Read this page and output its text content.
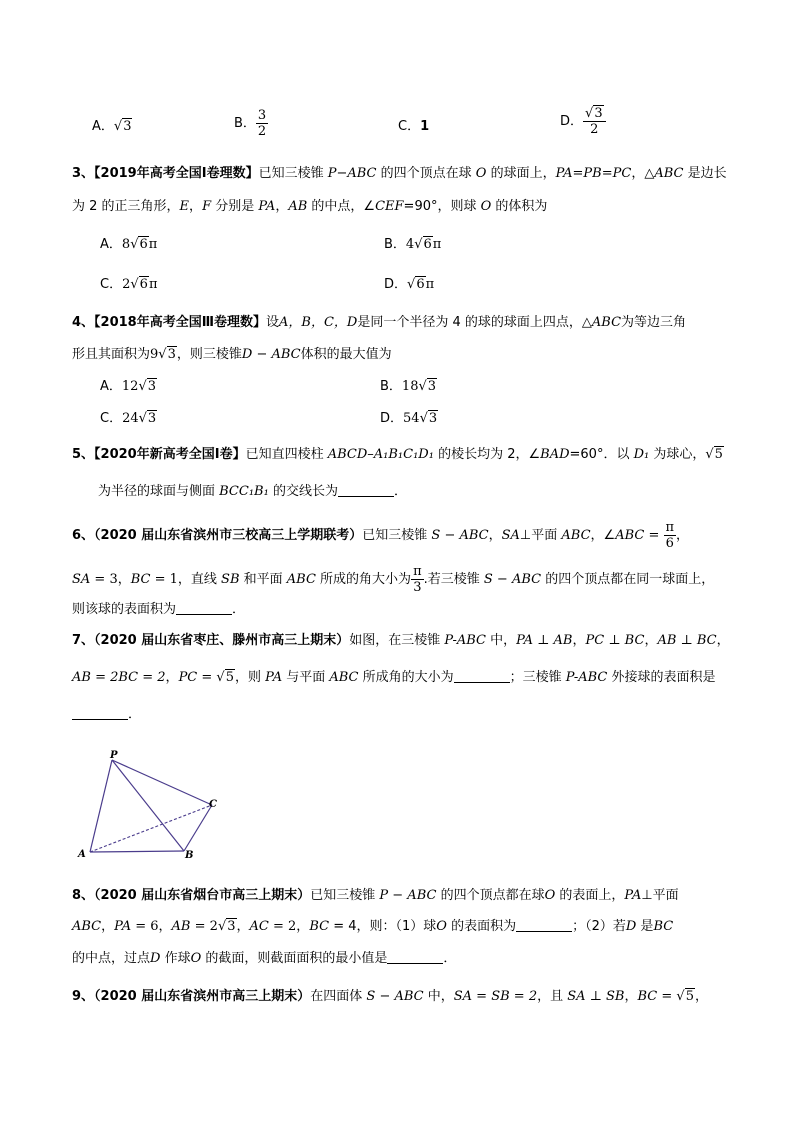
A．√3	B． $\frac{3}{2}$	C．1	D． $\frac{√3}{2}$
3、【2019年高考全国Ⅰ卷理数】已知三棱锥 P−ABC 的四个顶点在球 O 的球面上，PA=PB=PC，△ABC 是边长
为 2 的正三角形，E，F 分别是 PA，AB 的中点，∠CEF=90°，则球 O 的体积为
A．8√6π	B．4√6π
C．2√6π	D．√6π
4、【2018年高考全国Ⅲ卷理数】设A，B，C，D是同一个半径为 4 的球的球面上四点，△ABC为等边三角
形且其面积为9√3，则三棱锥D − ABC体积的最大值为
A．12√3	B．18√3
C．24√3	D．54√3
5、【2020年新高考全国Ⅰ卷】已知直四棱柱 ABCD–A₁B₁C₁D₁ 的棱长均为 2，∠BAD=60°．以 D₁ 为球心，√5
为半径的球面与侧面 BCC₁B₁ 的交线长为	．
6、（2020 届山东省滨州市三校高三上学期联考）已知三棱锥 S − ABC，SA⊥平面 ABC，∠ABC = $\frac{\pi}{6}$ ，
SA = 3，BC = 1，直线 SB 和平面 ABC 所成的角大小为 $\frac{\pi}{3}$ .若三棱锥 S − ABC 的四个顶点都在同一球面上，
则该球的表面积为	．
7、（2020 届山东省枣庄、滕州市高三上期末）如图，在三棱锥 P-ABC 中，PA ⊥ AB，PC ⊥ BC，AB ⊥ BC，
AB = 2BC = 2，PC = √5，则 PA 与平面 ABC 所成角的大小为	；三棱锥 P-ABC 外接球的表面积是
．
P
A	B
C
8、（2020 届山东省烟台市高三上期末）已知三棱锥 P − ABC 的四个顶点都在球O 的表面上，PA⊥平面
ABC，PA = 6，AB = 2√3，AC = 2，BC = 4，则：（1）球O 的表面积为	；（2）若D 是BC
的中点，过点D 作球O 的截面，则截面面积的最小值是	．
9、（2020 届山东省滨州市高三上期末）在四面体 S − ABC 中，SA = SB = 2，且 SA ⊥ SB，BC = √5，
